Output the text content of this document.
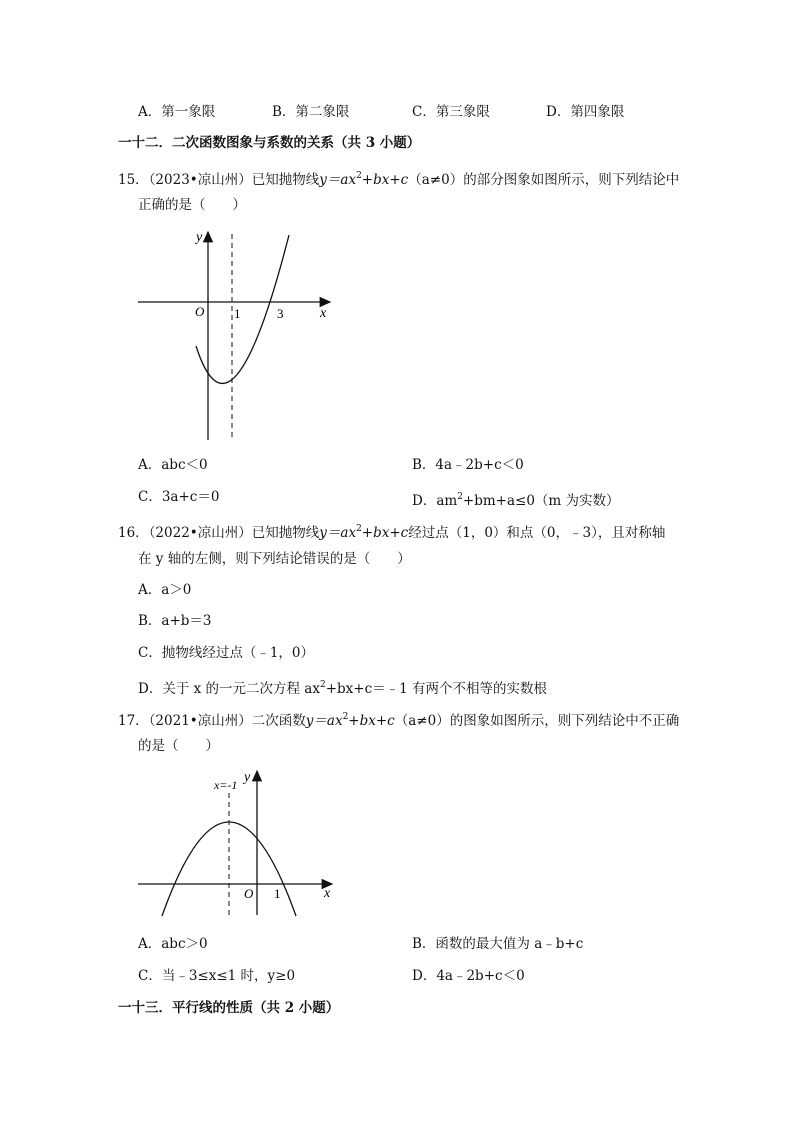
A．第一象限	B．第二象限	C．第三象限	D．第四象限
一十二．二次函数图象与系数的关系（共 3 小题）
15．（2023•凉山州）已知抛物线$y=ax^2+bx+c(a\ne 0)$的部分图象如图所示，则下列结论中
正确的是（　　）
y
x
O 1	3
A．abc＜0	B．4a﹣2b+c＜0
C．3a+c＝0	D．$am^2+bm+a\le 0(m$ 为实数）
16．（2022•凉山州）已知抛物线$y=ax^2+bx+c$经过点（1，0）和点（0，﹣3），且对称轴
在 y 轴的左侧，则下列结论错误的是（　　）
A．a＞0
B．a+b＝3
C．抛物线经过点（﹣1，0）
D．关于 x 的一元二次方程 $ax^2+bx+c=﹣1$ 有两个不相等的实数根
17．（2021•凉山州）二次函数$y=ax^2+bx+c(a\ne 0)$的图象如图所示，则下列结论中不正确
的是（　　）
x=-1 y
x
O 1
A．abc＞0	B．函数的最大值为 a﹣b+c
C．当﹣3≤x≤1 时，y≥0	D．4a﹣2b+c＜0
一十三．平行线的性质（共 2 小题）
